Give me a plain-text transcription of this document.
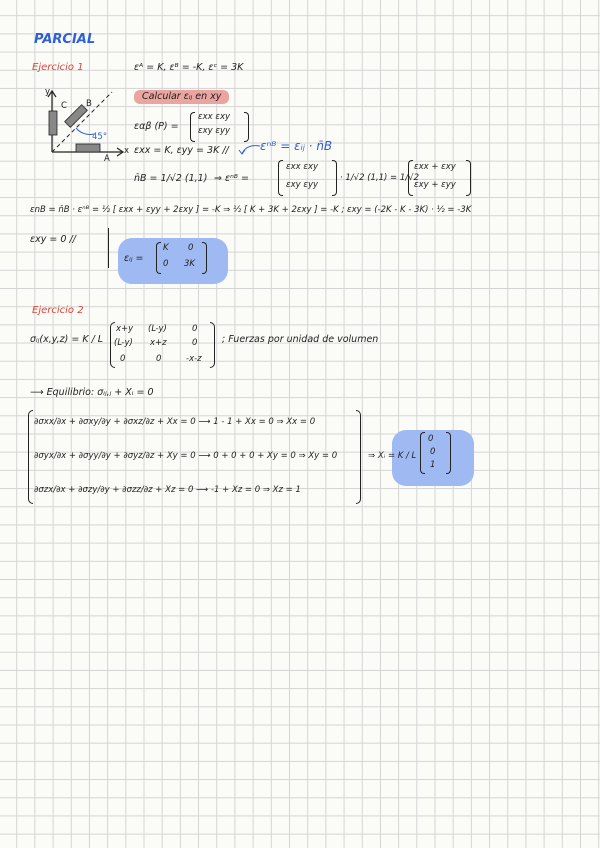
PARCIAL
Ejercicio 1	εᴬ = K, εᴮ = -K, εᶜ = 3K
y
x
C B
A
45°
Calcular εᵢⱼ en xy
εαβ (P) =
εxx εxy
εxy εyy
εⁿᴮ = εᵢⱼ · n̄B
εxx = K, εyy = 3K //
n̄B = 1/√2 (1,1) ⇒ εⁿᴮ =
εxx εxy
εxy εyy
· 1/√2 (1,1) = 1/√2
εxx + εxy
εxy + εyy
εnB = n̄B · εⁿᴮ = ½ [ εxx + εyy + 2εxy ] = -K ⇒ ½ [ K + 3K + 2εxy ] = -K ; εxy = (-2K - K - 3K) · ½ = -3K
εxy = 0 //
εᵢⱼ =
K 0
0 3K
Ejercicio 2
σᵢⱼ(x,y,z) = K / L
x+y (L-y)	0
(L-y) x+z	0
0	0	-x-z
; Fuerzas por unidad de volumen
⟶ Equilibrio: σᵢⱼ,ⱼ + Xᵢ = 0
∂σxx/∂x + ∂σxy/∂y + ∂σxz/∂z + Xx = 0 ⟶ 1 - 1 + Xx = 0 ⇒ Xx = 0
∂σyx/∂x + ∂σyy/∂y + ∂σyz/∂z + Xy = 0 ⟶ 0 + 0 + 0 + Xy = 0 ⇒ Xy = 0
∂σzx/∂x + ∂σzy/∂y + ∂σzz/∂z + Xz = 0 ⟶ -1 + Xz = 0 ⇒ Xz = 1
⇒ Xᵢ = K / L
0
0
1
